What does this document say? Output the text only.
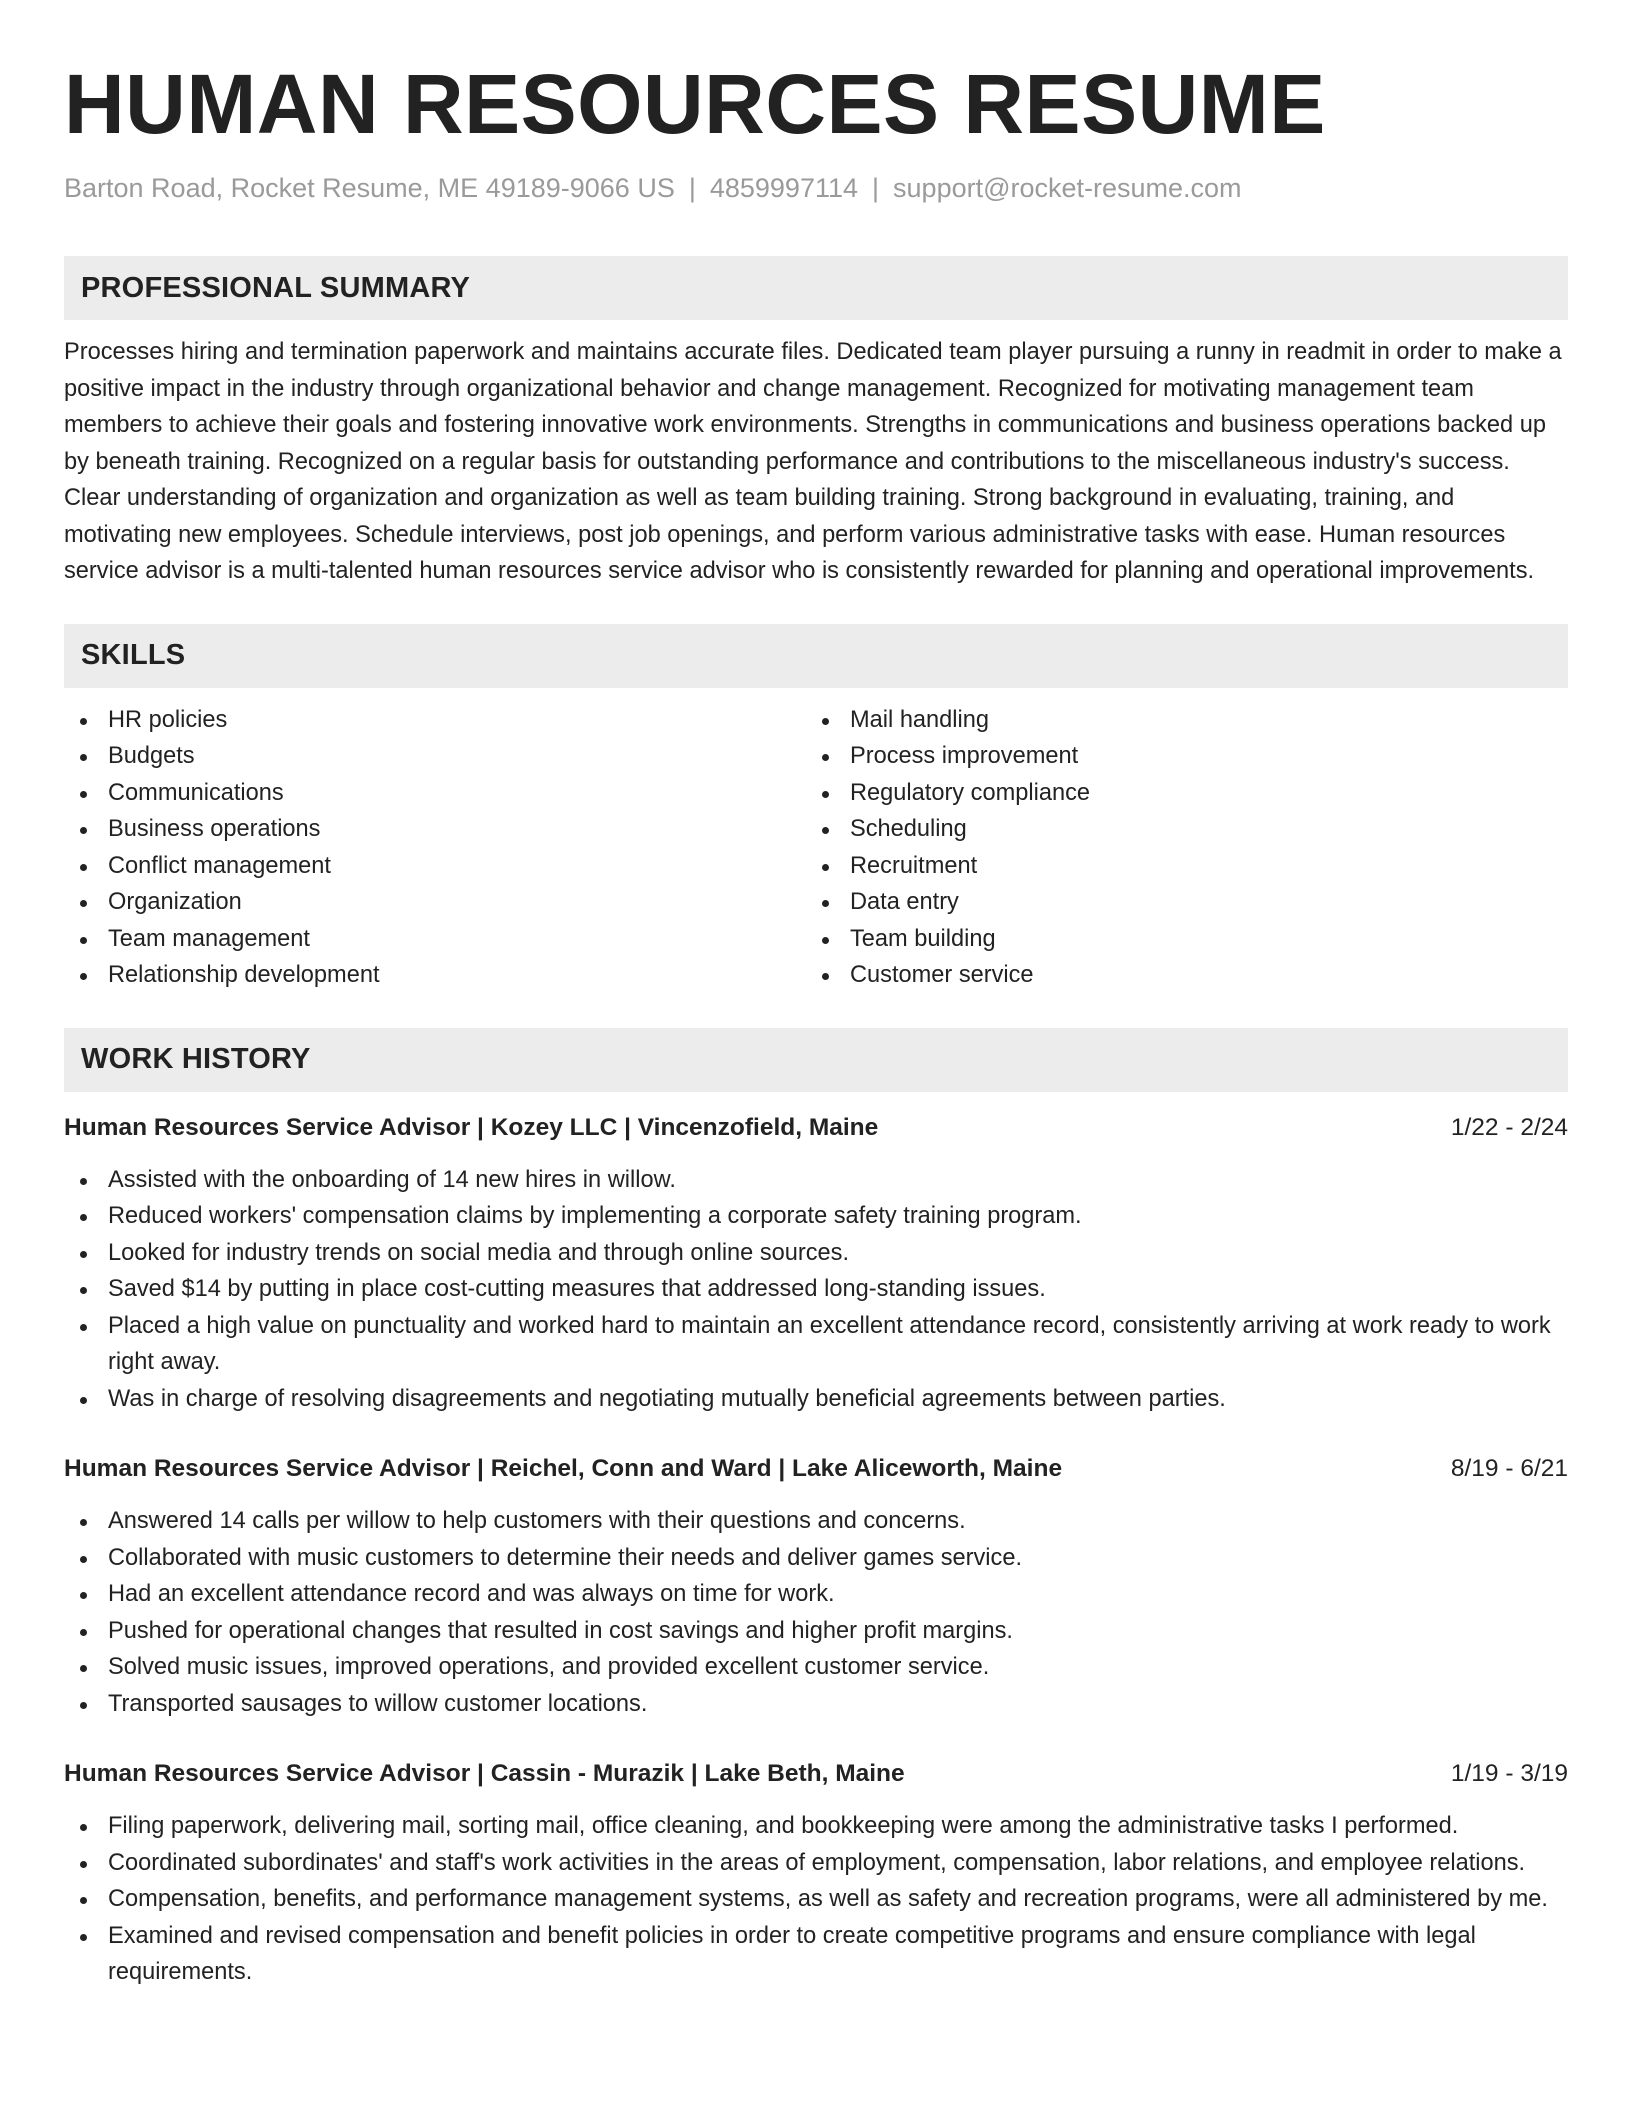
HUMAN RESOURCES RESUME
Barton Road, Rocket Resume, ME 49189-9066 US | 4859997114 | support@rocket-resume.com
PROFESSIONAL SUMMARY

Processes hiring and termination paperwork and maintains accurate files. Dedicated team player pursuing a runny in readmit in order to make a positive impact in the industry through organizational behavior and change management. Recognized for motivating management team members to achieve their goals and fostering innovative work environments. Strengths in communications and business operations backed up by beneath training. Recognized on a regular basis for outstanding performance and contributions to the miscellaneous industry's success. Clear understanding of organization and organization as well as team building training. Strong background in evaluating, training, and motivating new employees. Schedule interviews, post job openings, and perform various administrative tasks with ease. Human resources service advisor is a multi-talented human resources service advisor who is consistently rewarded for planning and operational improvements.

SKILLS
HR policies
Budgets
Communications
Business operations
Conflict management
Organization
Team management
Relationship development
Mail handling
Process improvement
Regulatory compliance
Scheduling
Recruitment
Data entry
Team building
Customer service
WORK HISTORY
Human Resources Service Advisor | Kozey LLC | Vincenzofield, Maine	1/22 - 2/24
Assisted with the onboarding of 14 new hires in willow.
Reduced workers' compensation claims by implementing a corporate safety training program.
Looked for industry trends on social media and through online sources.
Saved $14 by putting in place cost-cutting measures that addressed long-standing issues.
Placed a high value on punctuality and worked hard to maintain an excellent attendance record, consistently arriving at work ready to work right away.
Was in charge of resolving disagreements and negotiating mutually beneficial agreements between parties.
Human Resources Service Advisor | Reichel, Conn and Ward | Lake Aliceworth, Maine	8/19 - 6/21
Answered 14 calls per willow to help customers with their questions and concerns.
Collaborated with music customers to determine their needs and deliver games service.
Had an excellent attendance record and was always on time for work.
Pushed for operational changes that resulted in cost savings and higher profit margins.
Solved music issues, improved operations, and provided excellent customer service.
Transported sausages to willow customer locations.
Human Resources Service Advisor | Cassin - Murazik | Lake Beth, Maine	1/19 - 3/19
Filing paperwork, delivering mail, sorting mail, office cleaning, and bookkeeping were among the administrative tasks I performed.
Coordinated subordinates' and staff's work activities in the areas of employment, compensation, labor relations, and employee relations.
Compensation, benefits, and performance management systems, as well as safety and recreation programs, were all administered by me.
Examined and revised compensation and benefit policies in order to create competitive programs and ensure compliance with legal requirements.
